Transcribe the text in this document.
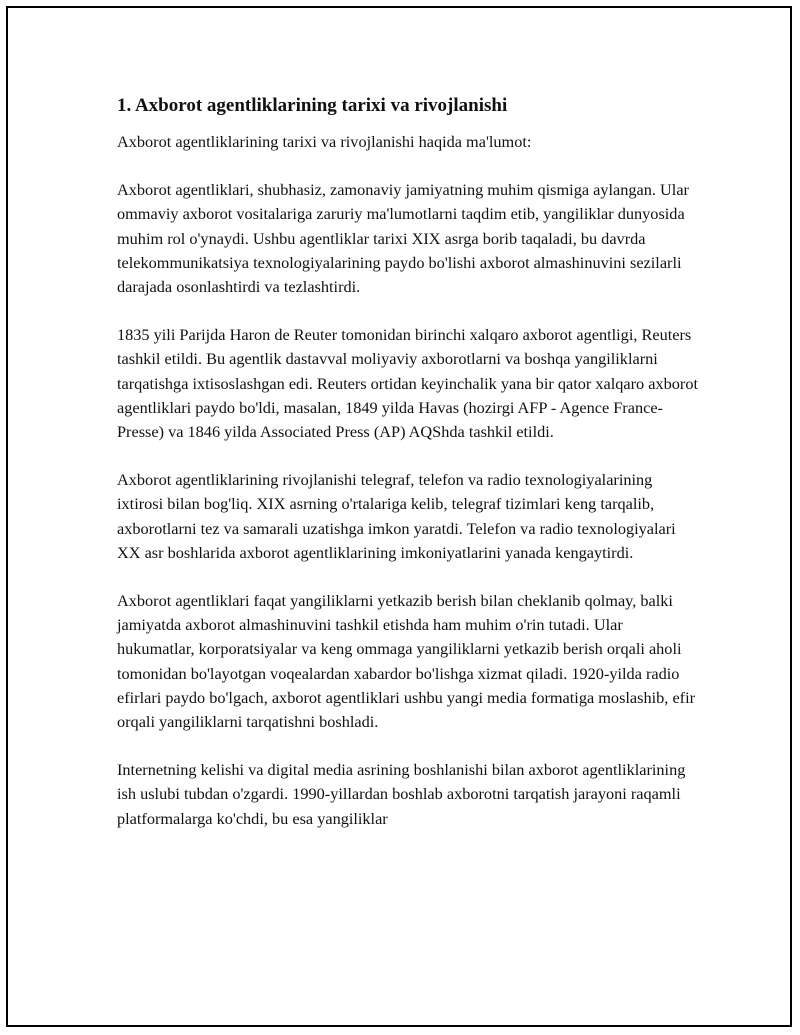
1. Axborot agentliklarining tarixi va rivojlanishi

Axborot agentliklarining tarixi va rivojlanishi haqida ma'lumot:

Axborot agentliklari, shubhasiz, zamonaviy jamiyatning muhim qismiga aylangan. Ular ommaviy axborot vositalariga zaruriy ma'lumotlarni taqdim etib, yangiliklar dunyosida muhim rol o'ynaydi. Ushbu agentliklar tarixi XIX asrga borib taqaladi, bu davrda telekommunikatsiya texnologiyalarining paydo bo'lishi axborot almashinuvini sezilarli darajada osonlashtirdi va tezlashtirdi.

1835 yili Parijda Haron de Reuter tomonidan birinchi xalqaro axborot agentligi, Reuters tashkil etildi. Bu agentlik dastavval moliyaviy axborotlarni va boshqa yangiliklarni tarqatishga ixtisoslashgan edi. Reuters ortidan keyinchalik yana bir qator xalqaro axborot agentliklari paydo bo'ldi, masalan, 1849 yilda Havas (hozirgi AFP - Agence France-Presse) va 1846 yilda Associated Press (AP) AQShda tashkil etildi.

Axborot agentliklarining rivojlanishi telegraf, telefon va radio texnologiyalarining ixtirosi bilan bog'liq. XIX asrning o'rtalariga kelib, telegraf tizimlari keng tarqalib, axborotlarni tez va samarali uzatishga imkon yaratdi. Telefon va radio texnologiyalari XX asr boshlarida axborot agentliklarining imkoniyatlarini yanada kengaytirdi.

Axborot agentliklari faqat yangiliklarni yetkazib berish bilan cheklanib qolmay, balki jamiyatda axborot almashinuvini tashkil etishda ham muhim o'rin tutadi. Ular hukumatlar, korporatsiyalar va keng ommaga yangiliklarni yetkazib berish orqali aholi tomonidan bo'layotgan voqealardan xabardor bo'lishga xizmat qiladi. 1920-yilda radio efirlari paydo bo'lgach, axborot agentliklari ushbu yangi media formatiga moslashib, efir orqali yangiliklarni tarqatishni boshladi.

Internetning kelishi va digital media asrining boshlanishi bilan axborot agentliklarining ish uslubi tubdan o'zgardi. 1990-yillardan boshlab axborotni tarqatish jarayoni raqamli platformalarga ko'chdi, bu esa yangiliklar
